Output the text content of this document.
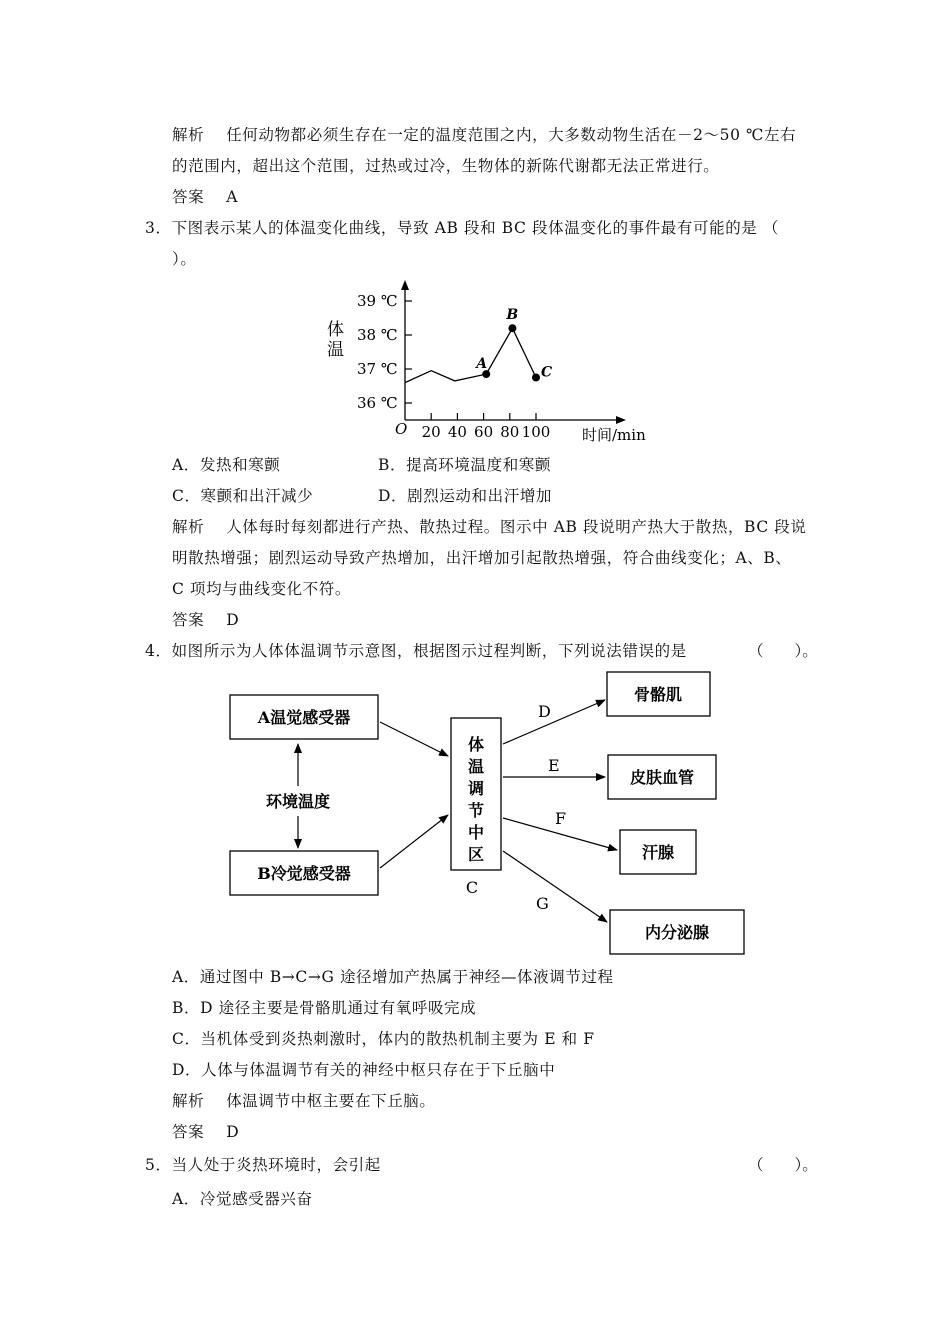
解析 任何动物都必须生存在一定的温度范围之内，大多数动物生活在－2～50 ℃左右
的范围内，超出这个范围，过热或过冷，生物体的新陈代谢都无法正常进行。
答案 A
3．下图表示某人的体温变化曲线，导致 AB 段和 BC 段体温变化的事件最有可能的是 （
）。
体
温
O	时间/min
36 ℃
37 ℃
38 ℃
39 ℃
20 40 60 80 100
A
B
C
A．发热和寒颤	B．提高环境温度和寒颤
C．寒颤和出汗减少	D．剧烈运动和出汗增加
解析 人体每时每刻都进行产热、散热过程。图示中 AB 段说明产热大于散热，BC 段说
明散热增强；剧烈运动导致产热增加，出汗增加引起散热增强，符合曲线变化；A、B、
C 项均与曲线变化不符。
答案 D
4．如图所示为人体体温调节示意图，根据图示过程判断，下列说法错误的是	（　　）。
A温觉感受器
B冷觉感受器
环境温度
体
温
调
节
中
区
C
骨骼肌
皮肤血管
汗腺
内分泌腺
D
E
F
G
A．通过图中 B→C→G 途径增加产热属于神经—体液调节过程
B．D 途径主要是骨骼肌通过有氧呼吸完成
C．当机体受到炎热刺激时，体内的散热机制主要为 E 和 F
D．人体与体温调节有关的神经中枢只存在于下丘脑中
解析 体温调节中枢主要在下丘脑。
答案 D
5．当人处于炎热环境时，会引起	（　　）。
A．冷觉感受器兴奋
